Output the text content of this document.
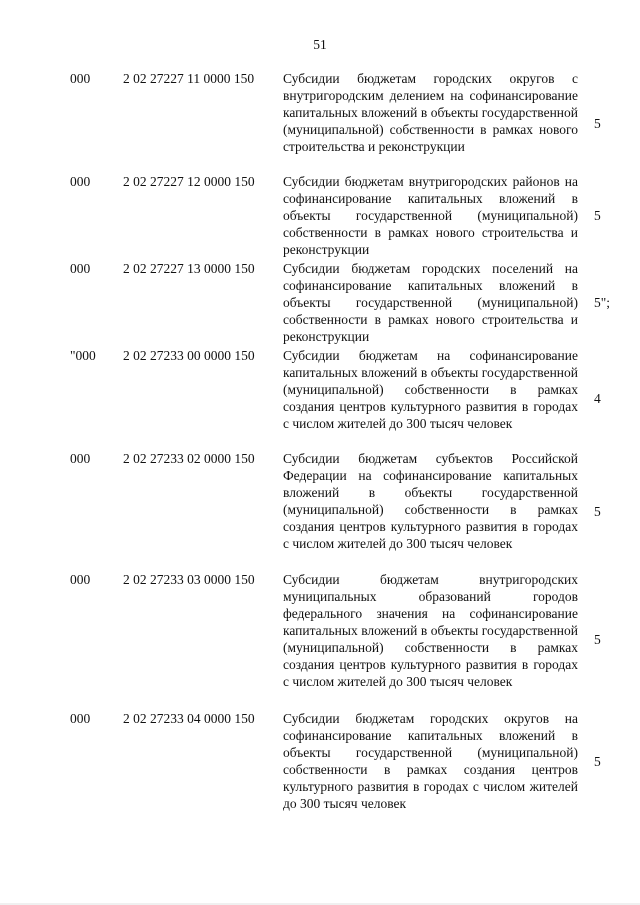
51
000 2 02 27227 11 0000 150 Субсидии бюджетам городских округов с внутригородским делением на софинансирование капитальных вложений в объекты государственной (муниципальной) собственности в рамках нового строительства и реконструкции
5
000 2 02 27227 12 0000 150 Субсидии бюджетам внутригородских районов на софинансирование капитальных вложений в объекты государственной (муниципальной) собственности в рамках нового строительства и реконструкции
5
000 2 02 27227 13 0000 150 Субсидии бюджетам городских поселений на софинансирование капитальных вложений в объекты государственной (муниципальной) собственности в рамках нового строительства и реконструкции
5";
"000 2 02 27233 00 0000 150 Субсидии бюджетам на софинансирование капитальных вложений в объекты государственной (муниципальной) собственности в рамках создания центров культурного развития в городах с числом жителей до 300 тысяч человек
4
000 2 02 27233 02 0000 150 Субсидии бюджетам субъектов Российской Федерации на софинансирование капитальных вложений в объекты государственной (муниципальной) собственности в рамках создания центров культурного развития в городах с числом жителей до 300 тысяч человек
5
000 2 02 27233 03 0000 150 Субсидии бюджетам внутригородских муниципальных образований городов федерального значения на софинансирование капитальных вложений в объекты государственной (муниципальной) собственности в рамках создания центров культурного развития в городах с числом жителей до 300 тысяч человек
5
000 2 02 27233 04 0000 150 Субсидии бюджетам городских округов на софинансирование капитальных вложений в объекты государственной (муниципальной) собственности в рамках создания центров культурного развития в городах с числом жителей до 300 тысяч человек
5
